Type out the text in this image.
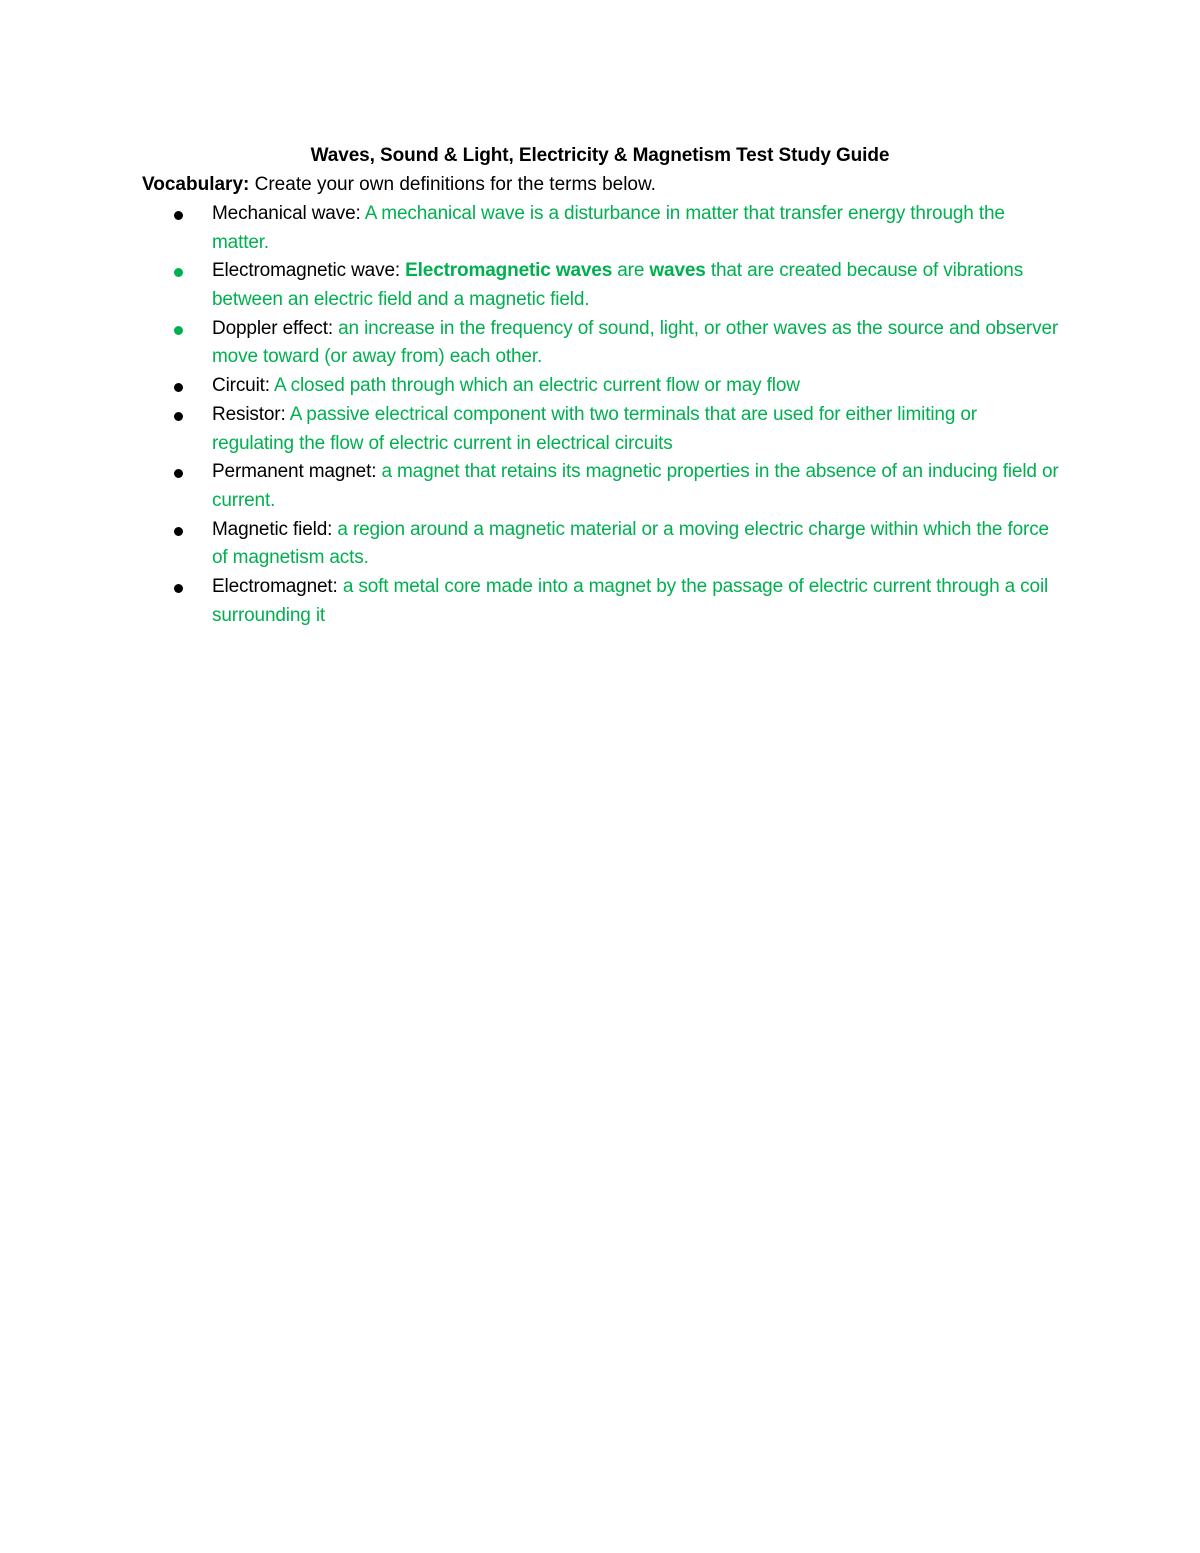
Waves, Sound & Light, Electricity & Magnetism Test Study Guide
Vocabulary: Create your own definitions for the terms below.
Mechanical wave: A mechanical wave is a disturbance in matter that transfer energy through the matter.
Electromagnetic wave: Electromagnetic waves are waves that are created because of vibrations between an electric field and a magnetic field.
Doppler effect: an increase in the frequency of sound, light, or other waves as the source and observer move toward (or away from) each other.
Circuit: A closed path through which an electric current flow or may flow
Resistor: A passive electrical component with two terminals that are used for either limiting or regulating the flow of electric current in electrical circuits
Permanent magnet: a magnet that retains its magnetic properties in the absence of an inducing field or current.
Magnetic field: a region around a magnetic material or a moving electric charge within which the force of magnetism acts.
Electromagnet: a soft metal core made into a magnet by the passage of electric current through a coil surrounding it
